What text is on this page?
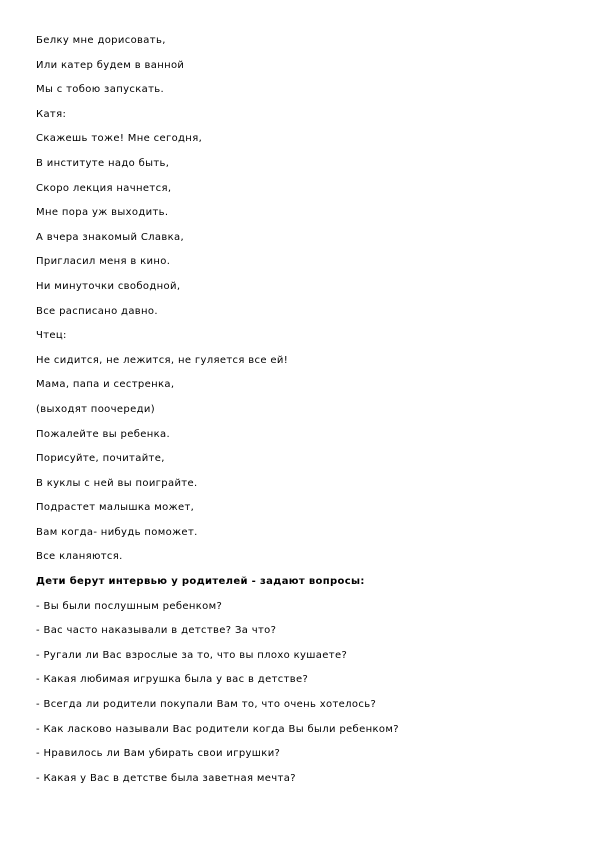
Белку мне дорисовать,
Или катер будем в ванной
Мы с тобою запускать.
Катя:
Скажешь тоже! Мне сегодня,
В институте надо быть,
Скоро лекция начнется,
Мне пора уж выходить.
А вчера знакомый Славка,
Пригласил меня в кино.
Ни минуточки свободной,
Все расписано давно.
Чтец:
Не сидится, не лежится, не гуляется все ей!
Мама, папа и сестренка,
(выходят поочереди)
Пожалейте вы ребенка.
Порисуйте, почитайте,
В куклы с ней вы поиграйте.
Подрастет малышка может,
Вам когда- нибудь поможет.
Все кланяются.
Дети берут интервью у родителей - задают вопросы:
- Вы были послушным ребенком?
- Вас часто наказывали в детстве? За что?
- Ругали ли Вас взрослые за то, что вы плохо кушаете?
- Какая любимая игрушка была у вас в детстве?
- Всегда ли родители покупали Вам то, что очень хотелось?
- Как ласково называли Вас родители когда Вы были ребенком?
- Нравилось ли Вам убирать свои игрушки?
- Какая у Вас в детстве была заветная мечта?
